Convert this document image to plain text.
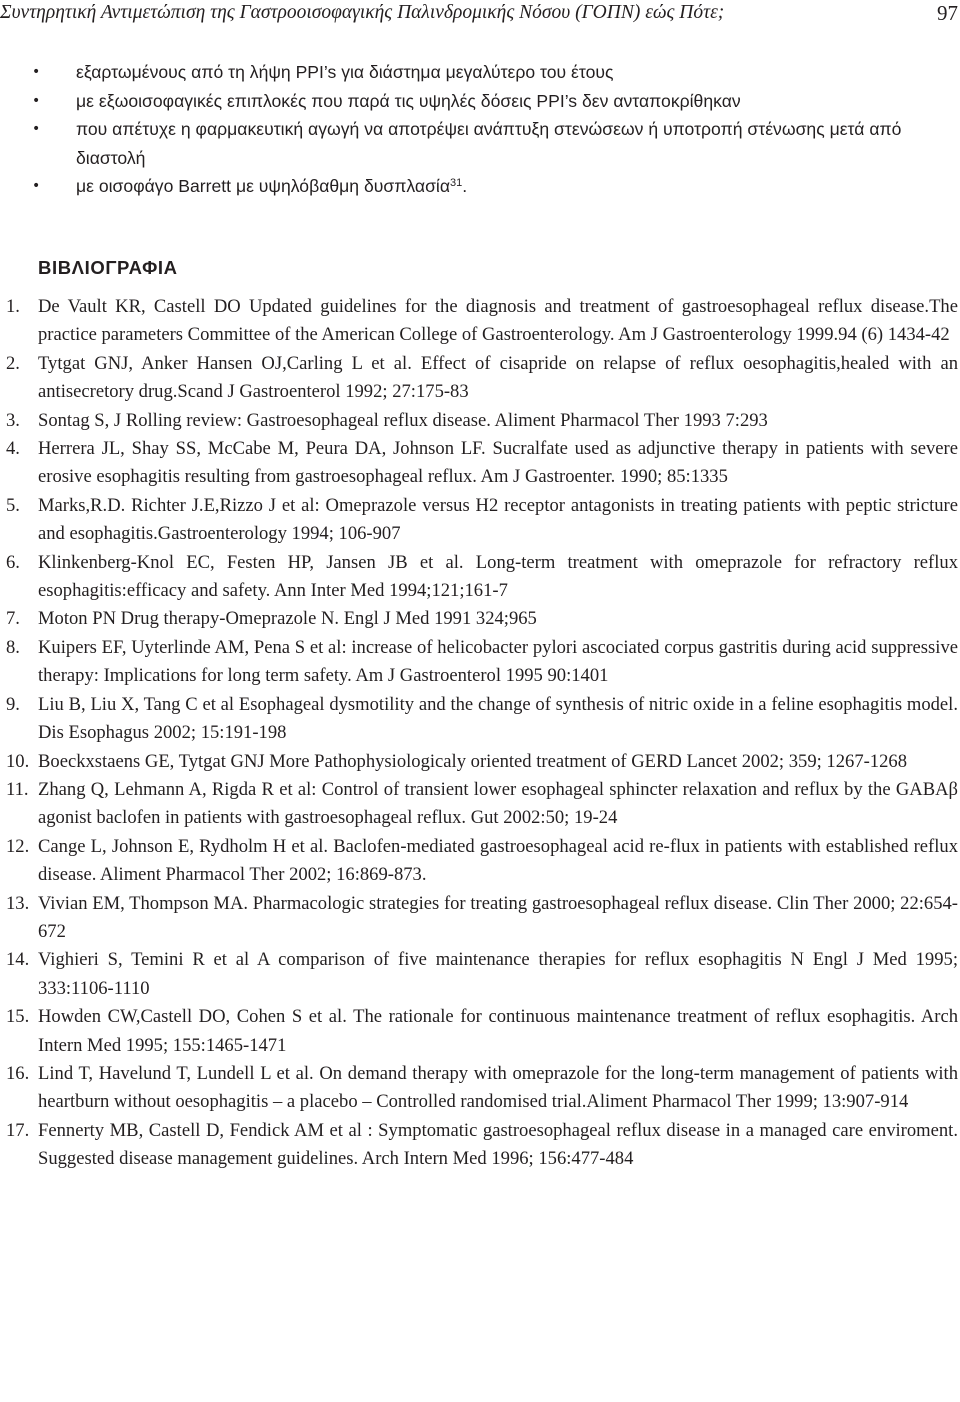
Συντηρητική Αντιμετώπιση της Γαστροοισοφαγικής Παλινδρομικής Νόσου (ΓΟΠΝ) εώς Πότε;	97
• εξαρτωμένους από τη λήψη PPI’s για διάστημα μεγαλύτερο του έτους
• με εξωοισοφαγικές επιπλοκές που παρά τις υψηλές δόσεις PPI’s δεν ανταποκρίθηκαν
• που απέτυχε η φαρμακευτική αγωγή να αποτρέψει ανάπτυξη στενώσεων ή υποτροπή στένωσης μετά από διαστολή
• με οισοφάγο Barrett με υψηλόβαθμη δυσπλασία$^{31}$.
ΒΙΒΛΙΟΓΡΑΦΙΑ
1. De Vault KR, Castell DO Updated guidelines for the diagnosis and treatment of gastroesophageal reflux disease.The practice parameters Committee of the American College of Gastroenterology. Am J Gastroenterology 1999.94 (6) 1434-42
2. Tytgat GNJ, Anker Hansen OJ,Carling L et al. Effect of cisapride on relapse of reflux oesophagitis,healed with an antisecretory drug.Scand J Gastroenterol 1992; 27:175-83
3. Sontag S, J Rolling review: Gastroesophageal reflux disease. Aliment Pharmacol Ther 1993 7:293
4. Herrera JL, Shay SS, McCabe M, Peura DA, Johnson LF. Sucralfate used as adjunctive therapy in patients with severe erosive esophagitis resulting from gastroesophageal reflux. Am J Gastroenter. 1990; 85:1335
5. Marks,R.D. Richter J.E,Rizzo J et al: Omeprazole versus H2 receptor antagonists in treating patients with peptic stricture and esophagitis.Gastroenterology 1994; 106-907
6. Klinkenberg-Knol EC, Festen HP, Jansen JB et al. Long-term treatment with omeprazole for refractory reflux esophagitis:efficacy and safety. Ann Inter Med 1994;121;161-7
7. Moton PN Drug therapy-Omeprazole N. Engl J Med 1991 324;965
8. Kuipers EF, Uyterlinde AM, Pena S et al: increase of helicobacter pylori ascociated corpus gastritis during acid suppressive therapy: Implications for long term safety. Am J Gastroenterol 1995 90:1401
9. Liu B, Liu X, Tang C et al Esophageal dysmotility and the change of synthesis of nitric oxide in a feline esophagitis model. Dis Esophagus 2002; 15:191-198
10. Boeckxstaens GE, Tytgat GNJ More Pathophysiologicaly oriented treatment of GERD Lancet 2002; 359; 1267-1268
11. Zhang Q, Lehmann A, Rigda R et al: Control of transient lower esophageal sphincter relaxation and reflux by the GABAβ agonist baclofen in patients with gastroesophageal reflux. Gut 2002:50; 19-24
12. Cange L, Johnson E, Rydholm H et al. Baclofen-mediated gastroesophageal acid re-flux in patients with established reflux disease. Aliment Pharmacol Ther 2002; 16:869-873.
13. Vivian EM, Thompson MA. Pharmacologic strategies for treating gastroesophageal reflux disease. Clin Ther 2000; 22:654-672
14. Vighieri S, Temini R et al A comparison of five maintenance therapies for reflux esophagitis N Engl J Med 1995; 333:1106-1110
15. Howden CW,Castell DO, Cohen S et al. The rationale for continuous maintenance treatment of reflux esophagitis. Arch Intern Med 1995; 155:1465-1471
16. Lind T, Havelund T, Lundell L et al. On demand therapy with omeprazole for the long-term management of patients with heartburn without oesophagitis – a placebo – Controlled randomised trial.Aliment Pharmacol Ther 1999; 13:907-914
17. Fennerty MB, Castell D, Fendick AM et al : Symptomatic gastroesophageal reflux disease in a managed care enviroment. Suggested disease management guidelines. Arch Intern Med 1996; 156:477-484
